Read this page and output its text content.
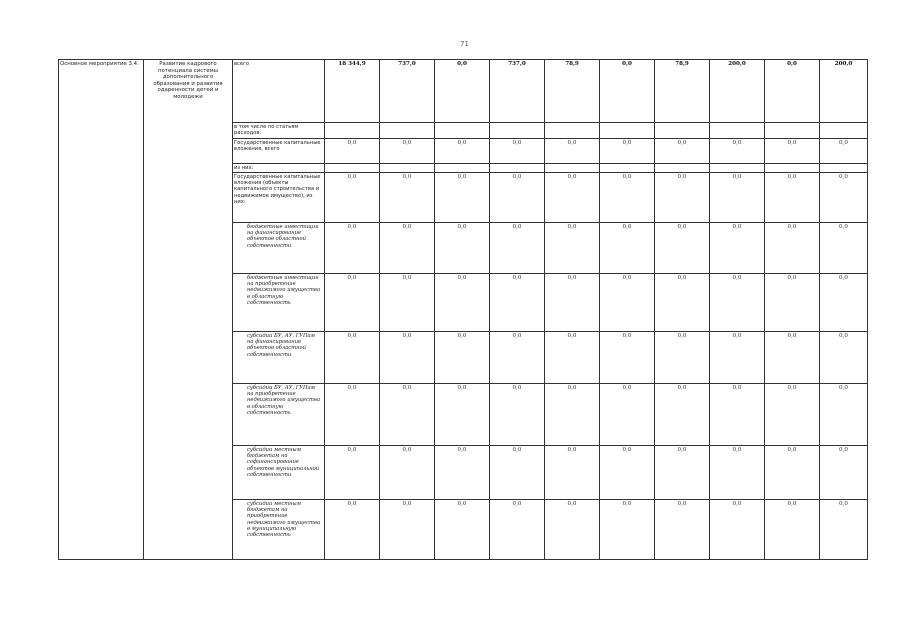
71
Основное мероприятие 3.4.	Развитие кадрового потенциала системы дополнительного образования и развития одаренности детей и молодежи	всего	18 344,9	737,0	0,0	737,0	78,9	0,0	78,9	200,0	0,0	200,0
		в том числе по статьям расходов:										
		Государственные капитальные вложения, всего	0,0	0,0	0,0	0,0	0,0	0,0	0,0	0,0	0,0	0,0
		из них:										
		Государственные капитальные вложения (объекты капитального строительства и недвижимое имущество), из них:	0,0	0,0	0,0	0,0	0,0	0,0	0,0	0,0	0,0	0,0
		бюджетные инвестиции на финансирование объектов областной собственности	0,0	0,0	0,0	0,0	0,0	0,0	0,0	0,0	0,0	0,0
		бюджетные инвестиции на приобретение недвижимого имущества в областную собственность	0,0	0,0	0,0	0,0	0,0	0,0	0,0	0,0	0,0	0,0
		субсидии БУ, АУ, ГУПам на финансирование объектов областной собственности	0,0	0,0	0,0	0,0	0,0	0,0	0,0	0,0	0,0	0,0
		субсидии БУ, АУ, ГУПам на приобретение недвижимого имущества в областную собственность	0,0	0,0	0,0	0,0	0,0	0,0	0,0	0,0	0,0	0,0
		субсидии местным бюджетам на софинансирование объектов муниципальной собственности	0,0	0,0	0,0	0,0	0,0	0,0	0,0	0,0	0,0	0,0
		субсидии местным бюджетам на приобретение недвижимого имущества в муниципальную собственность	0,0	0,0	0,0	0,0	0,0	0,0	0,0	0,0	0,0	0,0
